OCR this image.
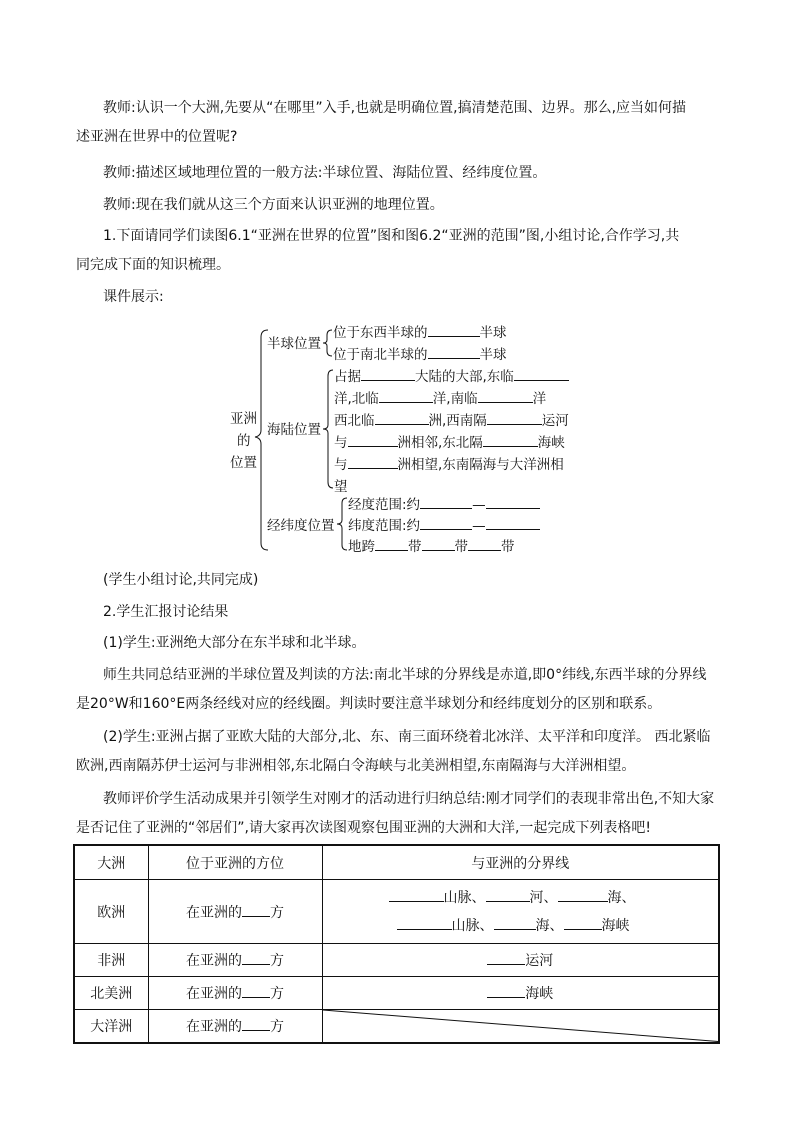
教师:认识一个大洲,先要从“在哪里”入手,也就是明确位置,搞清楚范围、边界。那么,应当如何描
述亚洲在世界中的位置呢?
教师:描述区域地理位置的一般方法:半球位置、海陆位置、经纬度位置。
教师:现在我们就从这三个方面来认识亚洲的地理位置。
1.下面请同学们读图6.1“亚洲在世界的位置”图和图6.2“亚洲的范围”图,小组讨论,合作学习,共
同完成下面的知识梳理。
课件展示:
亚洲
的
位置
半球位置
位于东西半球的	半球
位于南北半球的	半球
海陆位置
占据	大陆的大部,东临
洋,北临	洋,南临	洋
西北临	洲,西南隔	运河
与	洲相邻,东北隔	海峡
与	洲相望,东南隔海与大洋洲相
望
经纬度位置
经度范围:约	—
纬度范围:约	—
地跨 带 带 带
(学生小组讨论,共同完成)
2.学生汇报讨论结果
(1)学生:亚洲绝大部分在东半球和北半球。
师生共同总结亚洲的半球位置及判读的方法:南北半球的分界线是赤道,即0°纬线,东西半球的分界线
是20°W和160°E两条经线对应的经线圈。判读时要注意半球划分和经纬度划分的区别和联系。
(2)学生:亚洲占据了亚欧大陆的大部分,北、东、南三面环绕着北冰洋、太平洋和印度洋。 西北紧临
欧洲,西南隔苏伊士运河与非洲相邻,东北隔白令海峡与北美洲相望,东南隔海与大洋洲相望。
教师评价学生活动成果并引领学生对刚才的活动进行归纳总结:刚才同学们的表现非常出色,不知大家
是否记住了亚洲的“邻居们”,请大家再次读图观察包围亚洲的大洲和大洋,一起完成下列表格吧!
大洲	位于亚洲的方位	与亚洲的分界线
欧洲	在亚洲的 方	山脉、 河、 海、
山脉、 海、 海峡

非洲	在亚洲的 方	运河
北美洲	在亚洲的 方	海峡
大洋洲	在亚洲的 方	
